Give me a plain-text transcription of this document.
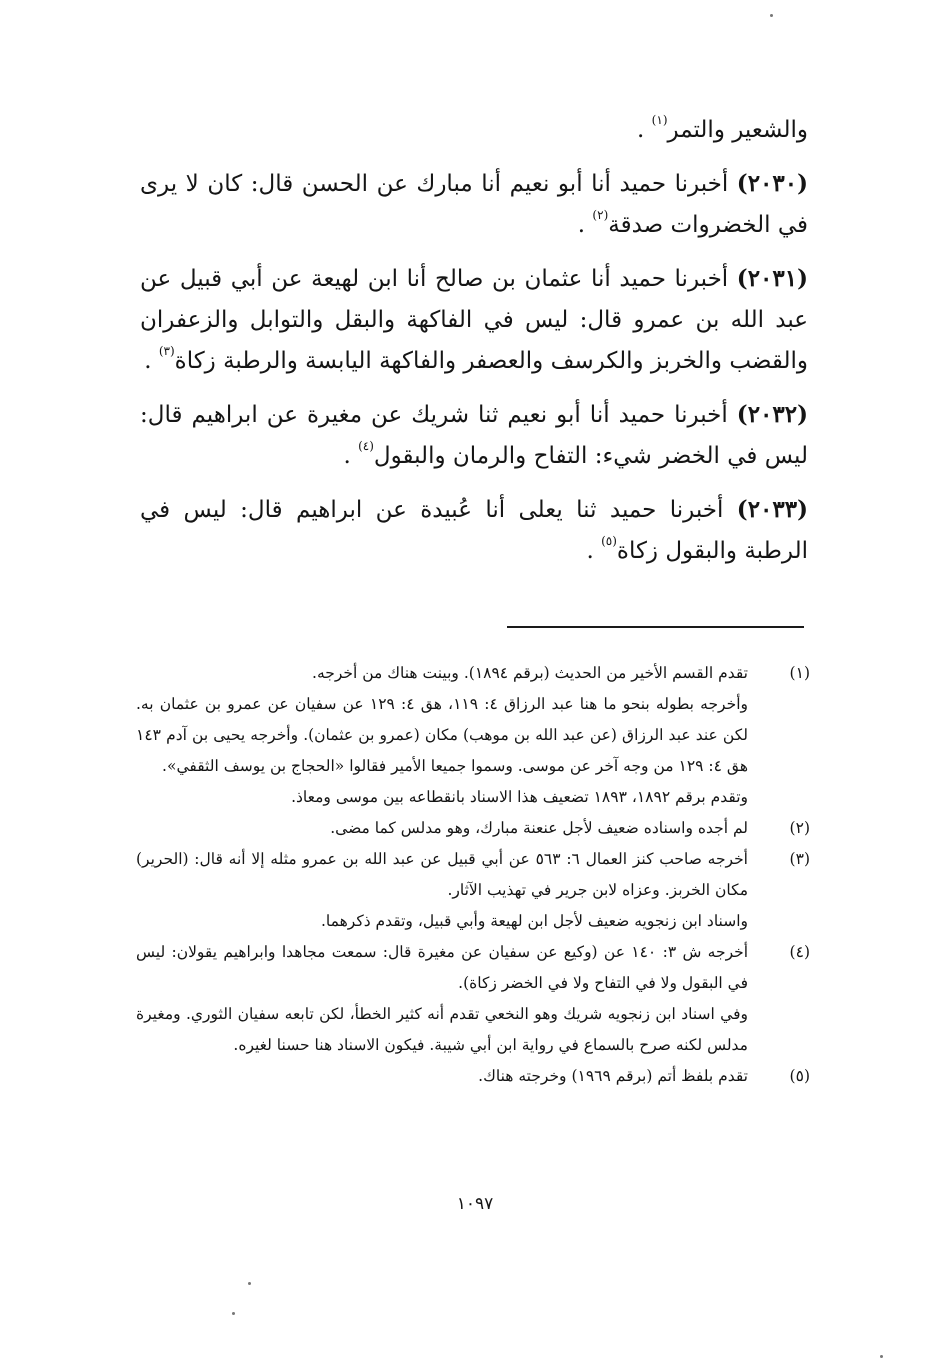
والشعير والتمر$^{(١)}$ .

(٢٠٣٠) أخبرنا حميد أنا أبو نعيم أنا مبارك عن الحسن قال: كان لا يرى في الخضروات صدقة$^{(٢)}$ .

(٢٠٣١) أخبرنا حميد أنا عثمان بن صالح أنا ابن لهيعة عن أبي قبيل عن عبد الله بن عمرو قال: ليس في الفاكهة والبقل والتوابل والزعفران والقضب والخربز والكرسف والعصفر والفاكهة اليابسة والرطبة زكاة$^{(٣)}$ .

(٢٠٣٢) أخبرنا حميد أنا أبو نعيم ثنا شريك عن مغيرة عن ابراهيم قال: ليس في الخضر شيء: التفاح والرمان والبقول$^{(٤)}$ .

(٢٠٣٣) أخبرنا حميد ثنا يعلى أنا عُبيدة عن ابراهيم قال: ليس في الرطبة والبقول زكاة$^{(٥)}$ .

(١)
تقدم القسم الأخير من الحديث (برقم ١٨٩٤). وبينت هناك من أخرجه.
وأخرجه بطوله بنحو ما هنا عبد الرزاق ٤: ١١٩، هق ٤: ١٢٩ عن سفيان عن عمرو بن عثمان به. لكن عند عبد الرزاق (عن عبد الله بن موهب) مكان (عمرو بن عثمان). وأخرجه يحيى بن آدم ١٤٣ هق ٤: ١٢٩ من وجه آخر عن موسى. وسموا جميعا الأمير فقالوا «الحجاج بن يوسف الثقفي».
وتقدم برقم ١٨٩٢، ١٨٩٣ تضعيف هذا الاسناد بانقطاعه بين موسى ومعاذ.
(٢)
لم أجده واسناده ضعيف لأجل عنعنة مبارك، وهو مدلس كما مضى.
(٣)
أخرجه صاحب كنز العمال ٦: ٥٦٣ عن أبي قبيل عن عبد الله بن عمرو مثله إلا أنه قال: (الحرير) مكان الخربز. وعزاه لابن جرير في تهذيب الآثار.
واسناد ابن زنجويه ضعيف لأجل ابن لهيعة وأبي قبيل، وتقدم ذكرهما.
(٤)
أخرجه ش ٣: ١٤٠ عن (وكيع عن سفيان عن مغيرة قال: سمعت مجاهدا وابراهيم يقولان: ليس في البقول ولا في التفاح ولا في الخضر زكاة).
وفي اسناد ابن زنجويه شريك وهو النخعي تقدم أنه كثير الخطأ، لكن تابعه سفيان الثوري. ومغيرة مدلس لكنه صرح بالسماع في رواية ابن أبي شيبة. فيكون الاسناد هنا حسنا لغيره.
(٥)
تقدم بلفظ أتم (برقم ١٩٦٩) وخرجته هناك.
١٠٩٧
